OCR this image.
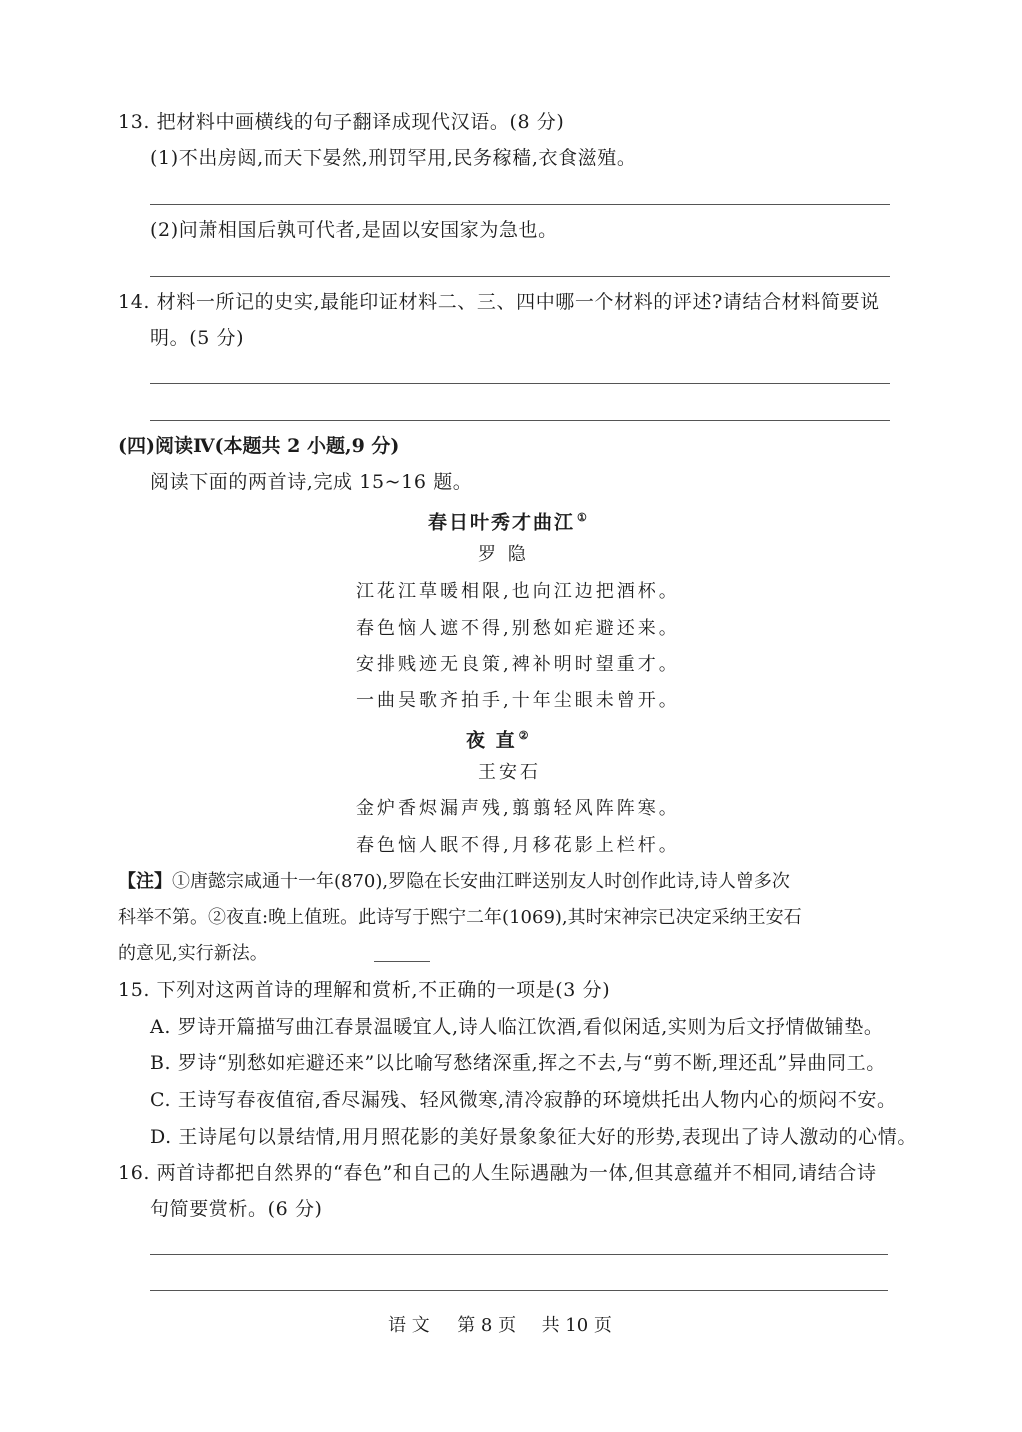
13. 把材料中画横线的句子翻译成现代汉语。(8 分)
(1)不出房闼,而天下晏然,刑罚罕用,民务稼穑,衣食滋殖。
(2)问萧相国后孰可代者,是固以安国家为急也。
14. 材料一所记的史实,最能印证材料二、三、四中哪一个材料的评述?请结合材料简要说
明。(5 分)
(四)阅读Ⅳ(本题共 2 小题,9 分)
阅读下面的两首诗,完成 15~16 题。
春日叶秀才曲江 ①
罗 隐
江花江草暖相限,也向江边把酒杯。
春色恼人遮不得,别愁如疟避还来。
安排贱迹无良策,裨补明时望重才。
一曲吴歌齐拍手,十年尘眼未曾开。
夜 直 ②
王安石
金炉香烬漏声残,翦翦轻风阵阵寒。
春色恼人眠不得,月移花影上栏杆。
【注】①唐懿宗咸通十一年(870),罗隐在长安曲江畔送别友人时创作此诗,诗人曾多次
科举不第。②夜直:晚上值班。此诗写于熙宁二年(1069),其时宋神宗已决定采纳王安石
的意见,实行新法。
15. 下列对这两首诗的理解和赏析,不正确的一项是(3 分)
A. 罗诗开篇描写曲江春景温暖宜人,诗人临江饮酒,看似闲适,实则为后文抒情做铺垫。
B. 罗诗“别愁如疟避还来”以比喻写愁绪深重,挥之不去,与“剪不断,理还乱”异曲同工。
C. 王诗写春夜值宿,香尽漏残、轻风微寒,清冷寂静的环境烘托出人物内心的烦闷不安。
D. 王诗尾句以景结情,用月照花影的美好景象象征大好的形势,表现出了诗人激动的心情。
16. 两首诗都把自然界的“春色”和自己的人生际遇融为一体,但其意蕴并不相同,请结合诗
句简要赏析。(6 分)
语 文 第 8 页 共 10 页
